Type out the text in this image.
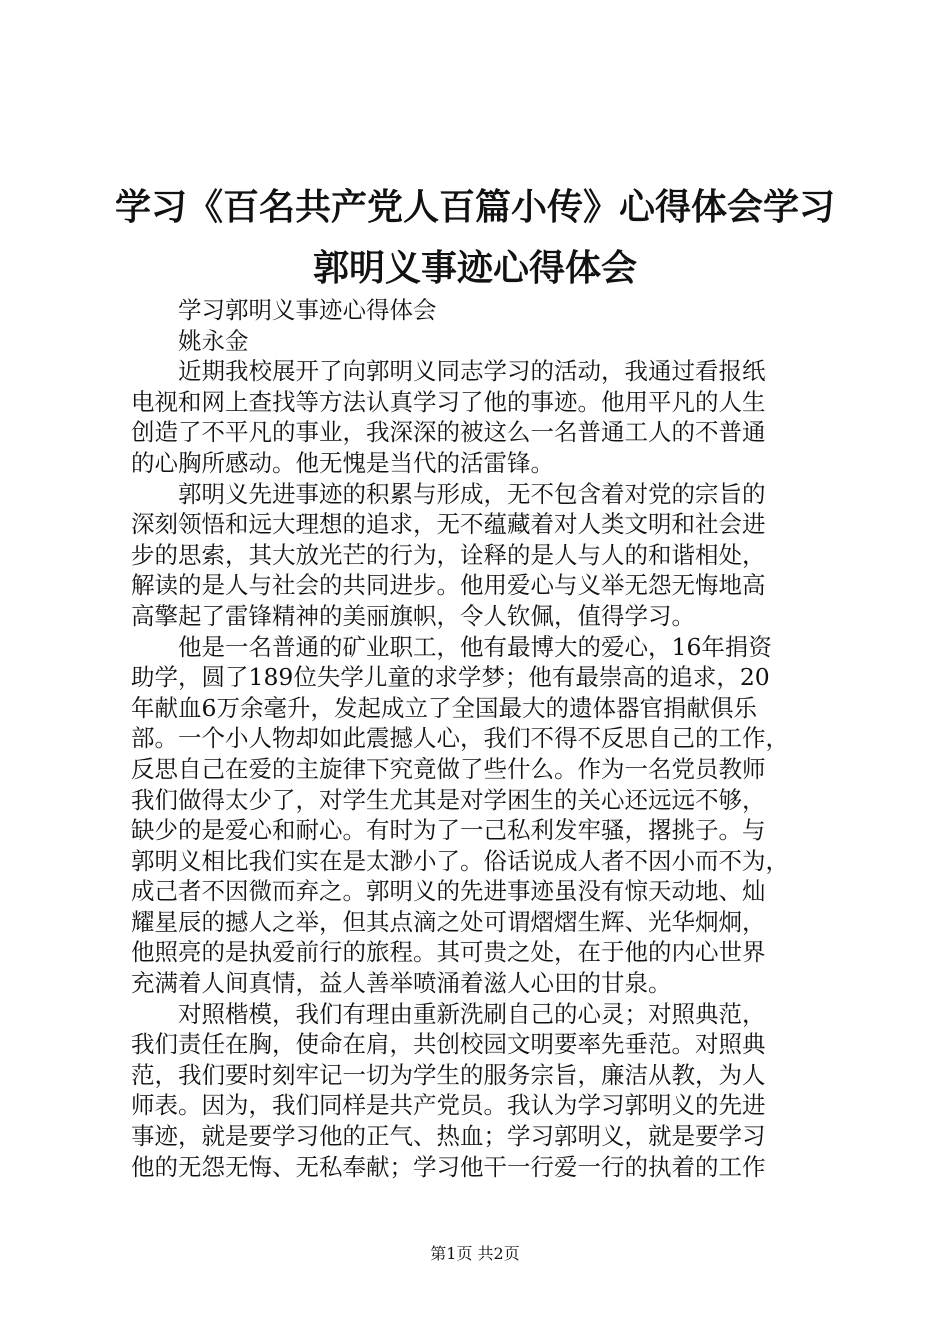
学习《百名共产党人百篇小传》心得体会学习
郭明义事迹心得体会
学习郭明义事迹心得体会
姚永金
近期我校展开了向郭明义同志学习的活动，我通过看报纸
电视和网上查找等方法认真学习了他的事迹。他用平凡的人生
创造了不平凡的事业，我深深的被这么一名普通工人的不普通
的心胸所感动。他无愧是当代的活雷锋。
郭明义先进事迹的积累与形成，无不包含着对党的宗旨的
深刻领悟和远大理想的追求，无不蕴藏着对人类文明和社会进
步的思索，其大放光芒的行为，诠释的是人与人的和谐相处，
解读的是人与社会的共同进步。他用爱心与义举无怨无悔地高
高擎起了雷锋精神的美丽旗帜，令人钦佩，值得学习。
他是一名普通的矿业职工，他有最博大的爱心，16年捐资
助学，圆了189位失学儿童的求学梦；他有最崇高的追求，20
年献血6万余毫升，发起成立了全国最大的遗体器官捐献俱乐
部。一个小人物却如此震撼人心，我们不得不反思自己的工作，
反思自己在爱的主旋律下究竟做了些什么。作为一名党员教师
我们做得太少了，对学生尤其是对学困生的关心还远远不够，
缺少的是爱心和耐心。有时为了一己私利发牢骚，撂挑子。与
郭明义相比我们实在是太渺小了。俗话说成人者不因小而不为，
成己者不因微而弃之。郭明义的先进事迹虽没有惊天动地、灿
耀星辰的撼人之举，但其点滴之处可谓熠熠生辉、光华炯炯，
他照亮的是执爱前行的旅程。其可贵之处，在于他的内心世界
充满着人间真情，益人善举喷涌着滋人心田的甘泉。
对照楷模，我们有理由重新洗刷自己的心灵；对照典范，
我们责任在胸，使命在肩，共创校园文明要率先垂范。对照典
范，我们要时刻牢记一切为学生的服务宗旨，廉洁从教，为人
师表。因为，我们同样是共产党员。我认为学习郭明义的先进
事迹，就是要学习他的正气、热血；学习郭明义，就是要学习
他的无怨无悔、无私奉献；学习他干一行爱一行的执着的工作
第1页 共2页
